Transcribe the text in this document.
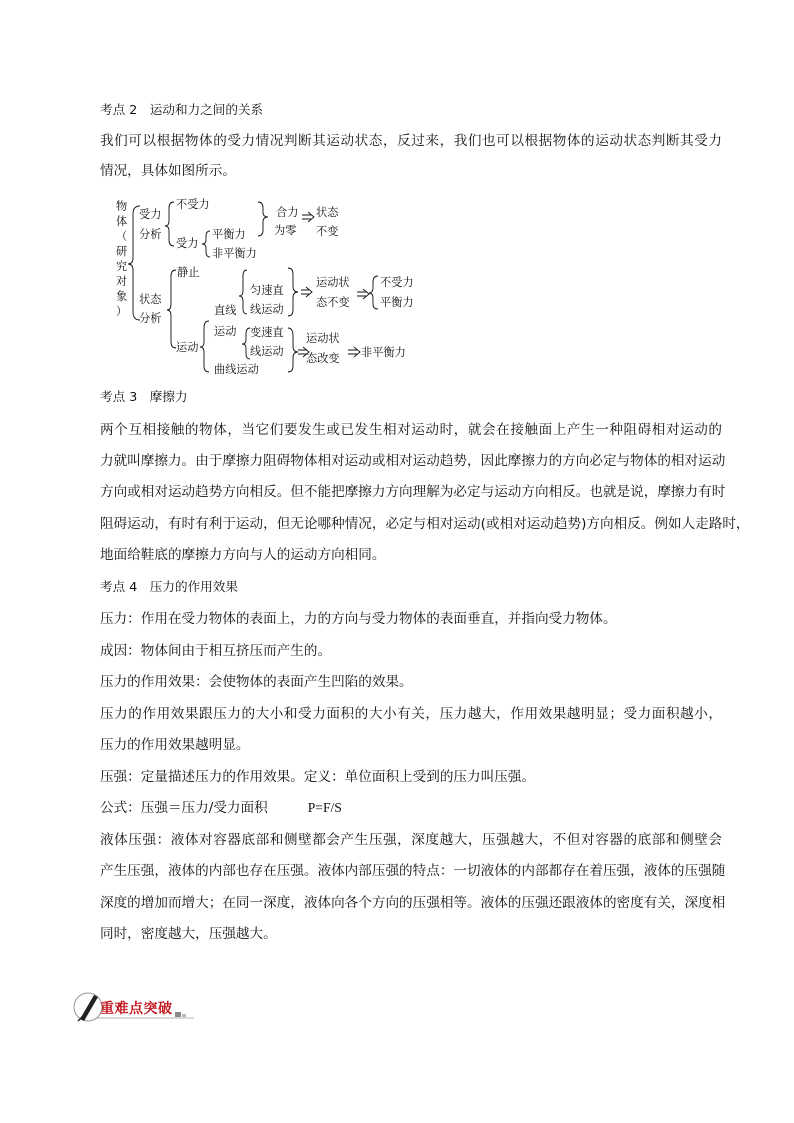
考点 2　运动和力之间的关系
我们可以根据物体的受力情况判断其运动状态，反过来，我们也可以根据物体的运动状态判断其受力
情况，具体如图所示。
物
体
（
研
究
对
象
）
受力
分析
不受力
受力
平衡力
非平衡力
合力
为零
状态
不变
状态
分析
静止
运动
直线
运动
曲线运动
匀速直
线运动
变速直
线运动
运动状
态不变
不受力
平衡力
运动状
态改变 非平衡力
考点 3　摩擦力
两个互相接触的物体，当它们要发生或已发生相对运动时，就会在接触面上产生一种阻碍相对运动的
力就叫摩擦力。由于摩擦力阻碍物体相对运动或相对运动趋势，因此摩擦力的方向必定与物体的相对运动
方向或相对运动趋势方向相反。但不能把摩擦力方向理解为必定与运动方向相反。也就是说，摩擦力有时
阻碍运动，有时有利于运动，但无论哪种情况，必定与相对运动(或相对运动趋势)方向相反。例如人走路时，
地面给鞋底的摩擦力方向与人的运动方向相同。
考点 4　压力的作用效果
压力：作用在受力物体的表面上，力的方向与受力物体的表面垂直，并指向受力物体。
成因：物体间由于相互挤压而产生的。
压力的作用效果：会使物体的表面产生凹陷的效果。
压力的作用效果跟压力的大小和受力面积的大小有关，压力越大，作用效果越明显；受力面积越小，
压力的作用效果越明显。
压强：定量描述压力的作用效果。定义：单位面积上受到的压力叫压强。
公式：压强＝压力/受力面积	P=F/S
液体压强：液体对容器底部和侧壁都会产生压强，深度越大，压强越大，不但对容器的底部和侧壁会
产生压强，液体的内部也存在压强。液体内部压强的特点：一切液体的内部都存在着压强，液体的压强随
深度的增加而增大；在同一深度，液体向各个方向的压强相等。液体的压强还跟液体的密度有关，深度相
同时，密度越大，压强越大。
重难点突破
